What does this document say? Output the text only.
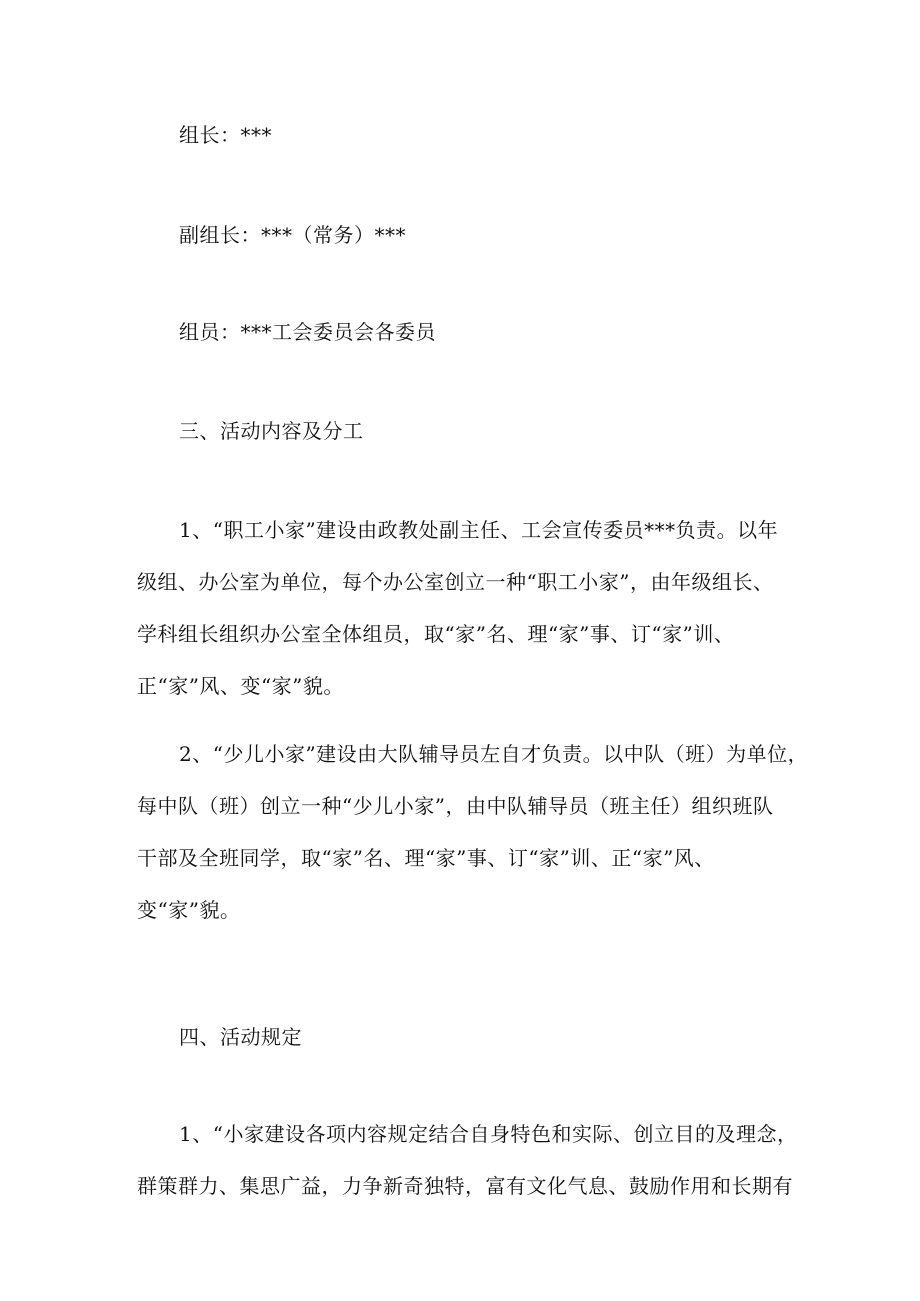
组长：***
副组长：***（常务）***
组员：***工会委员会各委员
三、活动内容及分工
1、“职工小家”建设由政教处副主任、工会宣传委员***负责。以年
级组、办公室为单位，每个办公室创立一种“职工小家”，由年级组长、
学科组长组织办公室全体组员，取“家”名、理“家”事、订“家”训、
正“家”风、变“家”貌。
2、“少儿小家”建设由大队辅导员左自才负责。以中队（班）为单位，
每中队（班）创立一种“少儿小家”，由中队辅导员（班主任）组织班队
干部及全班同学，取“家”名、理“家”事、订“家”训、正“家”风、
变“家”貌。
四、活动规定
1、“小家建设各项内容规定结合自身特色和实际、创立目的及理念，
群策群力、集思广益，力争新奇独特，富有文化气息、鼓励作用和长期有
